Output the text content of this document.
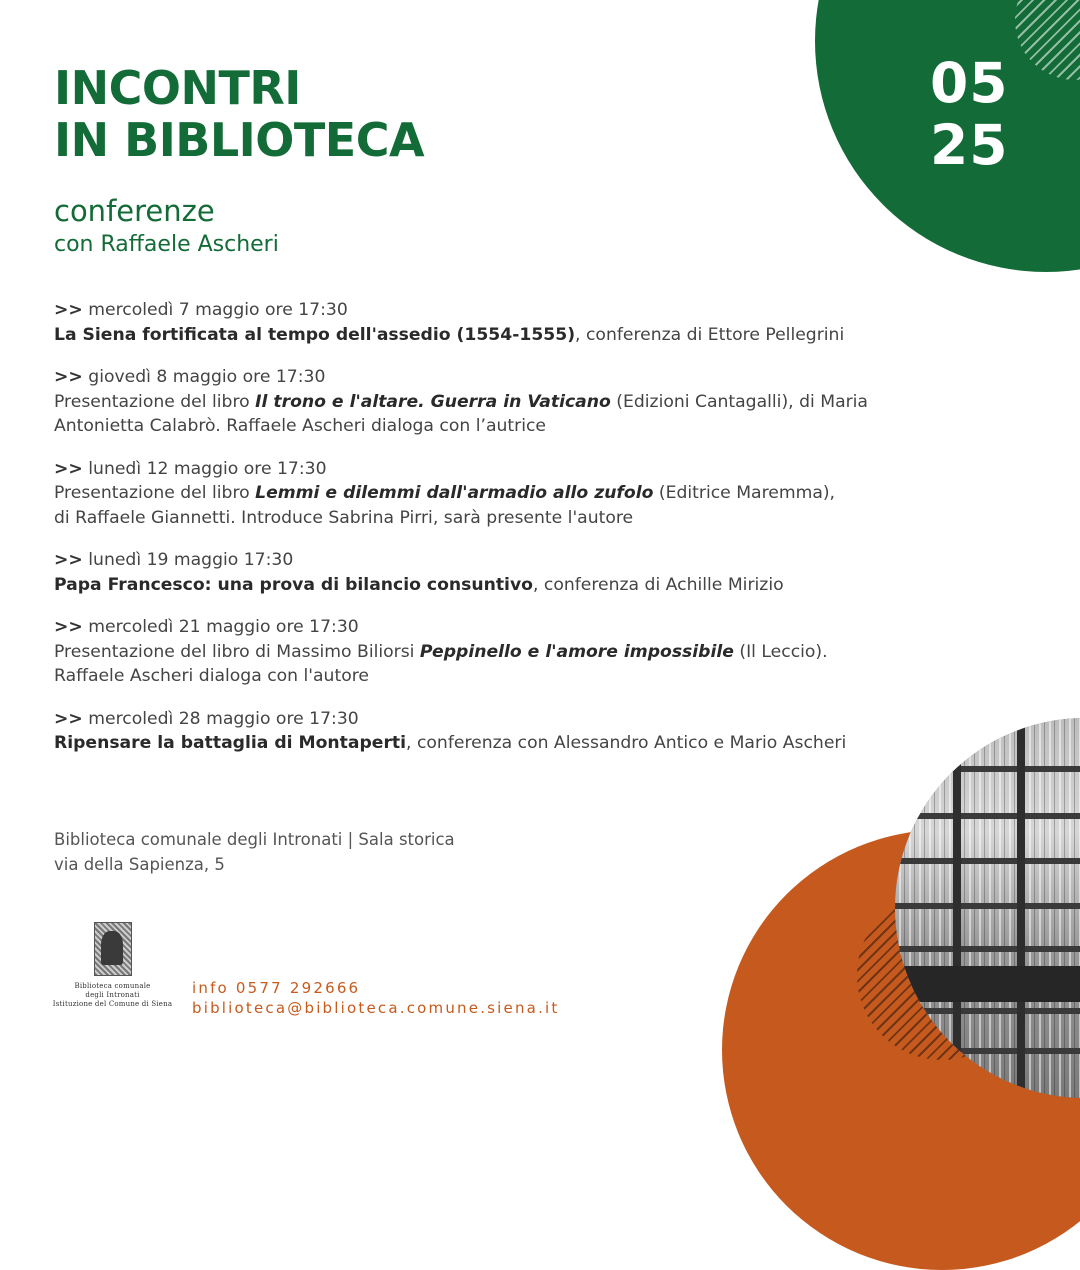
05
25
INCONTRI
IN BIBLIOTECA
conferenze
con Raffaele Ascheri
>> mercoledì 7 maggio ore 17:30
La Siena fortificata al tempo dell'assedio (1554-1555), conferenza di Ettore Pellegrini
>> giovedì 8 maggio ore 17:30
Presentazione del libro Il trono e l'altare. Guerra in Vaticano (Edizioni Cantagalli), di Maria
Antonietta Calabrò. Raffaele Ascheri dialoga con l’autrice
>> lunedì 12 maggio ore 17:30
Presentazione del libro Lemmi e dilemmi dall'armadio allo zufolo (Editrice Maremma),
di Raffaele Giannetti. Introduce Sabrina Pirri, sarà presente l'autore
>> lunedì 19 maggio 17:30
Papa Francesco: una prova di bilancio consuntivo, conferenza di Achille Mirizio
>> mercoledì 21 maggio ore 17:30
Presentazione del libro di Massimo Biliorsi Peppinello e l'amore impossibile (Il Leccio).
Raffaele Ascheri dialoga con l'autore
>> mercoledì 28 maggio ore 17:30
Ripensare la battaglia di Montaperti, conferenza con Alessandro Antico e Mario Ascheri
Biblioteca comunale degli Intronati | Sala storica
via della Sapienza, 5
Biblioteca comunale
degli Intronati
Istituzione del Comune di Siena
info 0577 292666
biblioteca@biblioteca.comune.siena.it
